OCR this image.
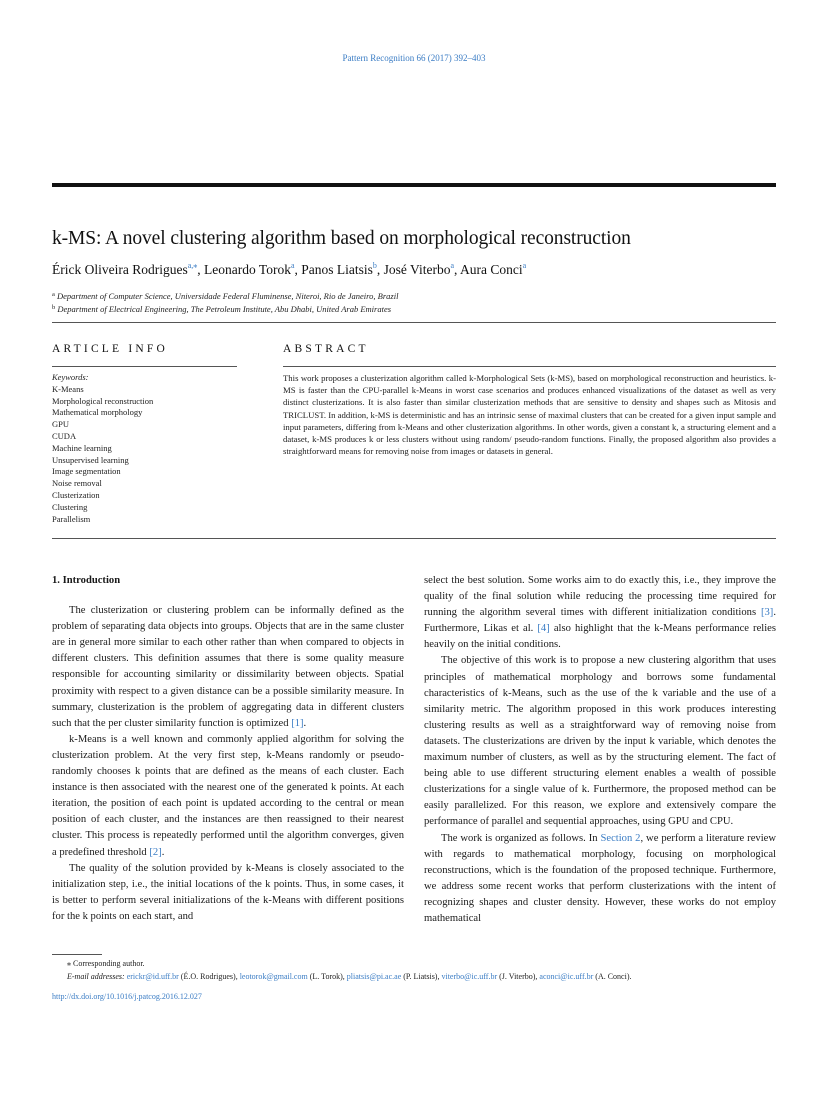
Pattern Recognition 66 (2017) 392–403
k-MS: A novel clustering algorithm based on morphological reconstruction
Érick Oliveira Rodrigues$^{a,⁎}$, Leonardo Torok$^a$, Panos Liatsis$^b$, José Viterbo$^a$, Aura Conci$^a$
$^a$ Department of Computer Science, Universidade Federal Fluminense, Niteroi, Rio de Janeiro, Brazil
$^b$ Department of Electrical Engineering, The Petroleum Institute, Abu Dhabi, United Arab Emirates
ARTICLE INFO	ABSTRACT
Keywords:
K-Means
Morphological reconstruction
Mathematical morphology
GPU
CUDA
Machine learning
Unsupervised learning
Image segmentation
Noise removal
Clusterization
Clustering
Parallelism

This work proposes a clusterization algorithm called k-Morphological Sets (k-MS), based on morphological reconstruction and heuristics. k-MS is faster than the CPU-parallel k-Means in worst case scenarios and produces enhanced visualizations of the dataset as well as very distinct clusterizations. It is also faster than similar clusterization methods that are sensitive to density and shapes such as Mitosis and TRICLUST. In addition, k-MS is deterministic and has an intrinsic sense of maximal clusters that can be created for a given input sample and input parameters, differing from k-Means and other clusterization algorithms. In other words, given a constant k, a structuring element and a dataset, k-MS produces k or less clusters without using random/ pseudo-random functions. Finally, the proposed algorithm also provides a straightforward means for removing noise from images or datasets in general.

1. Introduction

The clusterization or clustering problem can be informally defined as the problem of separating data objects into groups. Objects that are in the same cluster are in general more similar to each other rather than when compared to objects in different clusters. This definition assumes that there is some quality measure responsible for accounting similarity or dissimilarity between objects. Spatial proximity with respect to a given distance can be a possible similarity measure. In summary, clusterization is the problem of aggregating data in different clusters such that the per cluster similarity function is optimized [1].

k-Means is a well known and commonly applied algorithm for solving the clusterization problem. At the very first step, k-Means randomly or pseudo-randomly chooses k points that are defined as the means of each cluster. Each instance is then associated with the nearest one of the generated k points. At each iteration, the position of each point is updated according to the central or mean position of each cluster, and the instances are then reassigned to their nearest cluster. This process is repeatedly performed until the algorithm converges, given a predefined threshold [2].

The quality of the solution provided by k-Means is closely associated to the initialization step, i.e., the initial locations of the k points. Thus, in some cases, it is better to perform several initializations of the k-Means with different positions for the k points on each start, and

select the best solution. Some works aim to do exactly this, i.e., they improve the quality of the final solution while reducing the processing time required for running the algorithm several times with different initialization conditions [3]. Furthermore, Likas et al. [4] also highlight that the k-Means performance relies heavily on the initial conditions.

The objective of this work is to propose a new clustering algorithm that uses principles of mathematical morphology and borrows some fundamental characteristics of k-Means, such as the use of the k variable and the use of a similarity metric. The algorithm proposed in this work produces interesting clustering results as well as a straightforward way of removing noise from datasets. The clusterizations are driven by the input k variable, which denotes the maximum number of clusters, as well as by the structuring element. The fact of being able to use different structuring element enables a wealth of possible clusterizations for a single value of k. Furthermore, the proposed method can be easily parallelized. For this reason, we explore and extensively compare the performance of parallel and sequential approaches, using GPU and CPU.

The work is organized as follows. In Section 2, we perform a literature review with regards to mathematical morphology, focusing on morphological reconstructions, which is the foundation of the proposed technique. Furthermore, we address some recent works that perform clusterizations with the intent of recognizing shapes and cluster density. However, these works do not employ mathematical

⁎ Corresponding author.
E-mail addresses: erickr@id.uff.br (É.O. Rodrigues), leotorok@gmail.com (L. Torok), pliatsis@pi.ac.ae (P. Liatsis), viterbo@ic.uff.br (J. Viterbo), aconci@ic.uff.br (A. Conci).
http://dx.doi.org/10.1016/j.patcog.2016.12.027
